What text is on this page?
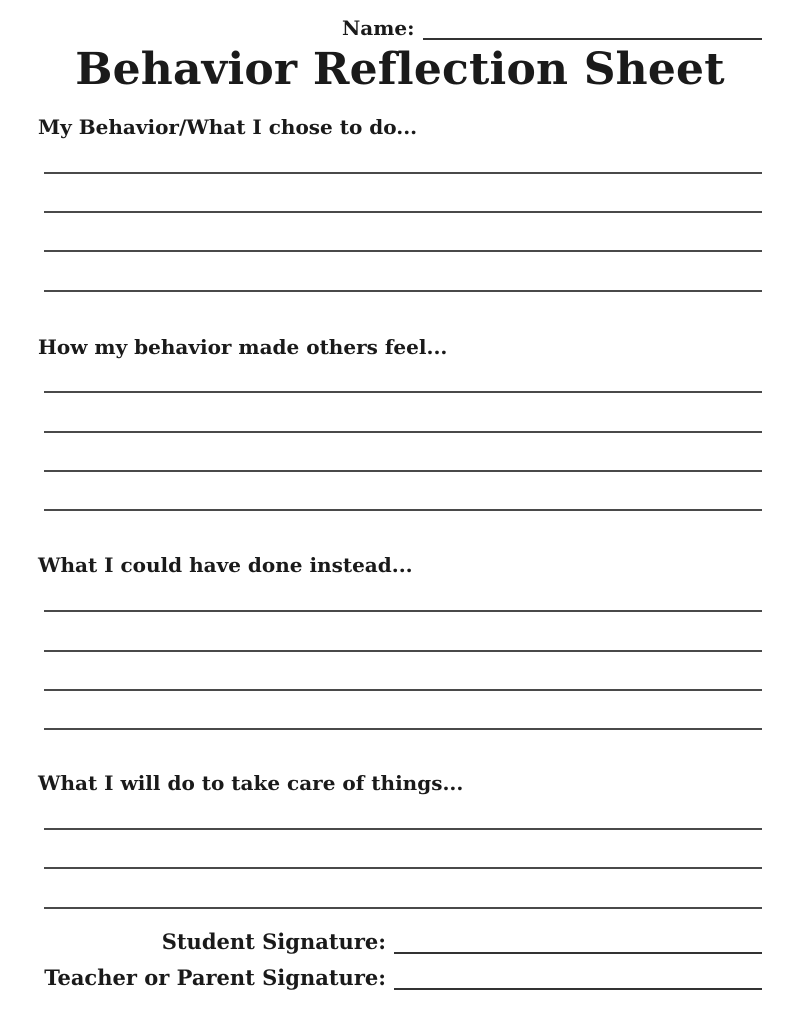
Name:
Behavior Reflection Sheet
My Behavior/What I chose to do...
How my behavior made others feel...
What I could have done instead...
What I will do to take care of things...
Student Signature:
Teacher or Parent Signature:
